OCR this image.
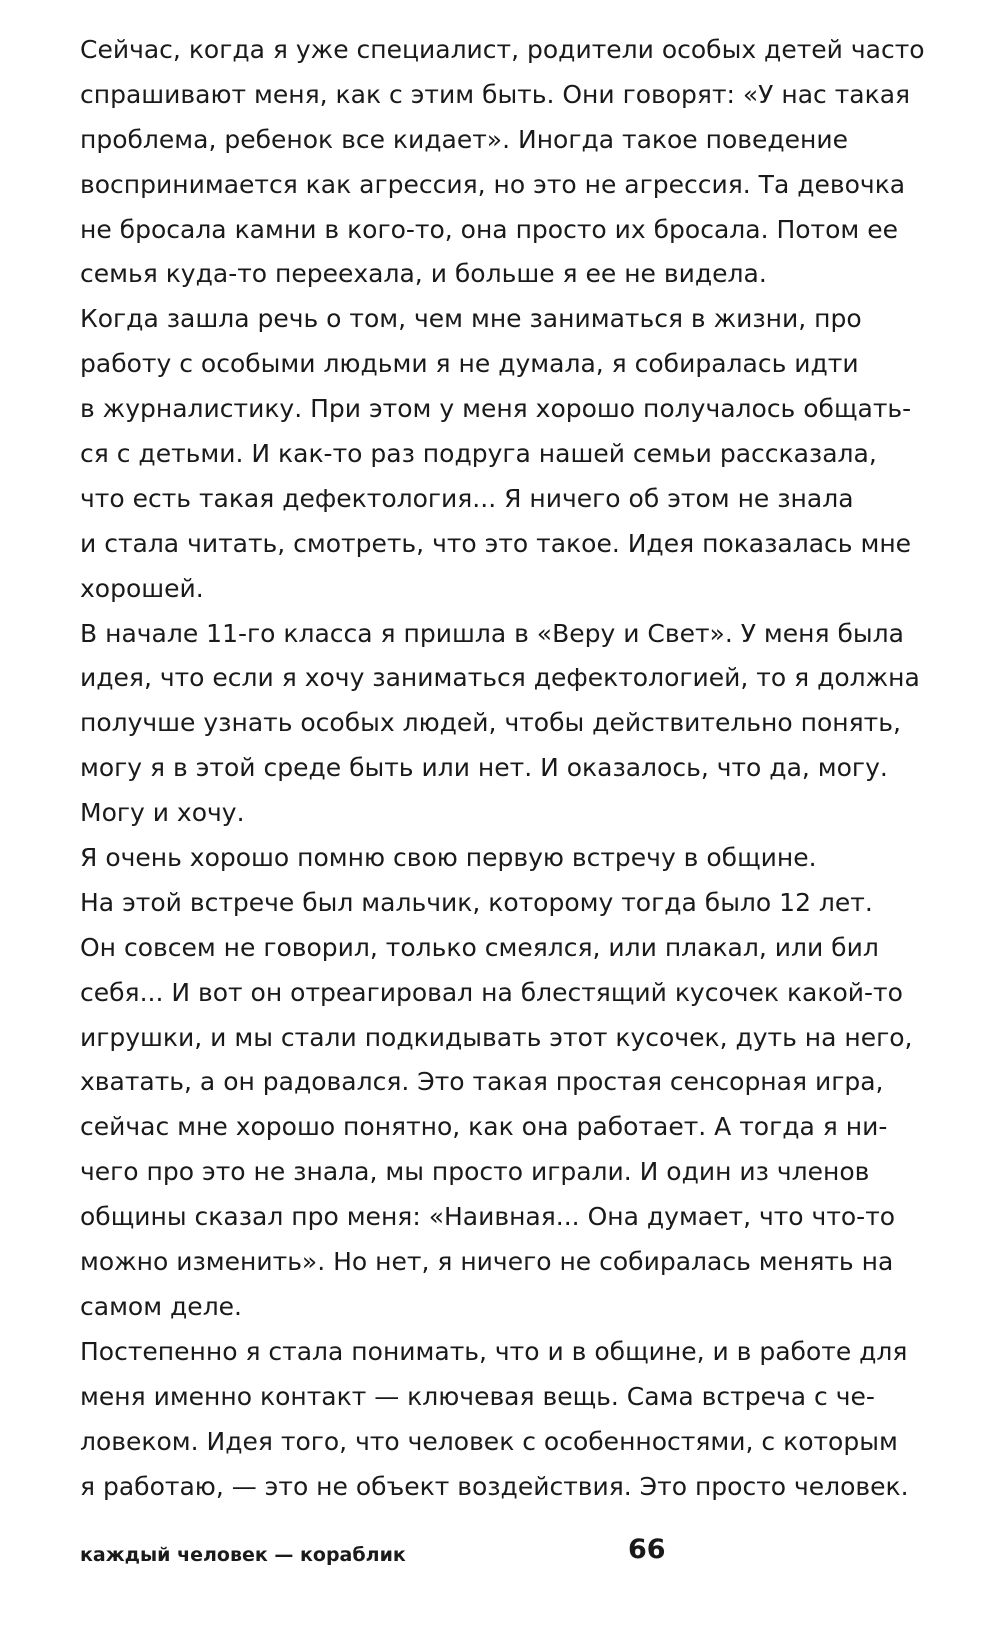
Сейчас, когда я уже специалист, родители особых детей часто
спрашивают меня, как с этим быть. Они говорят: «У нас такая
проблема, ребенок все кидает». Иногда такое поведение
воспринимается как агрессия, но это не агрессия. Та девочка
не бросала камни в кого-то, она просто их бросала. Потом ее
семья куда-то переехала, и больше я ее не видела.
Когда зашла речь о том, чем мне заниматься в жизни, про
работу с особыми людьми я не думала, я собиралась идти
в журналистику. При этом у меня хорошо получалось общать-
ся с детьми. И как-то раз подруга нашей семьи рассказала,
что есть такая дефектология... Я ничего об этом не знала
и стала читать, смотреть, что это такое. Идея показалась мне
хорошей.
В начале 11-го класса я пришла в «Веру и Свет». У меня была
идея, что если я хочу заниматься дефектологией, то я должна
получше узнать особых людей, чтобы действительно понять,
могу я в этой среде быть или нет. И оказалось, что да, могу.
Могу и хочу.
Я очень хорошо помню свою первую встречу в общине.
На этой встрече был мальчик, которому тогда было 12 лет.
Он совсем не говорил, только смеялся, или плакал, или бил
себя... И вот он отреагировал на блестящий кусочек какой-то
игрушки, и мы стали подкидывать этот кусочек, дуть на него,
хватать, а он радовался. Это такая простая сенсорная игра,
сейчас мне хорошо понятно, как она работает. А тогда я ни-
чего про это не знала, мы просто играли. И один из членов
общины сказал про меня: «Наивная... Она думает, что что-то
можно изменить». Но нет, я ничего не собиралась менять на
самом деле.
Постепенно я стала понимать, что и в общине, и в работе для
меня именно контакт — ключевая вещь. Сама встреча с че-
ловеком. Идея того, что человек с особенностями, с которым
я работаю, — это не объект воздействия. Это просто человек.
каждый человек — кораблик	66
